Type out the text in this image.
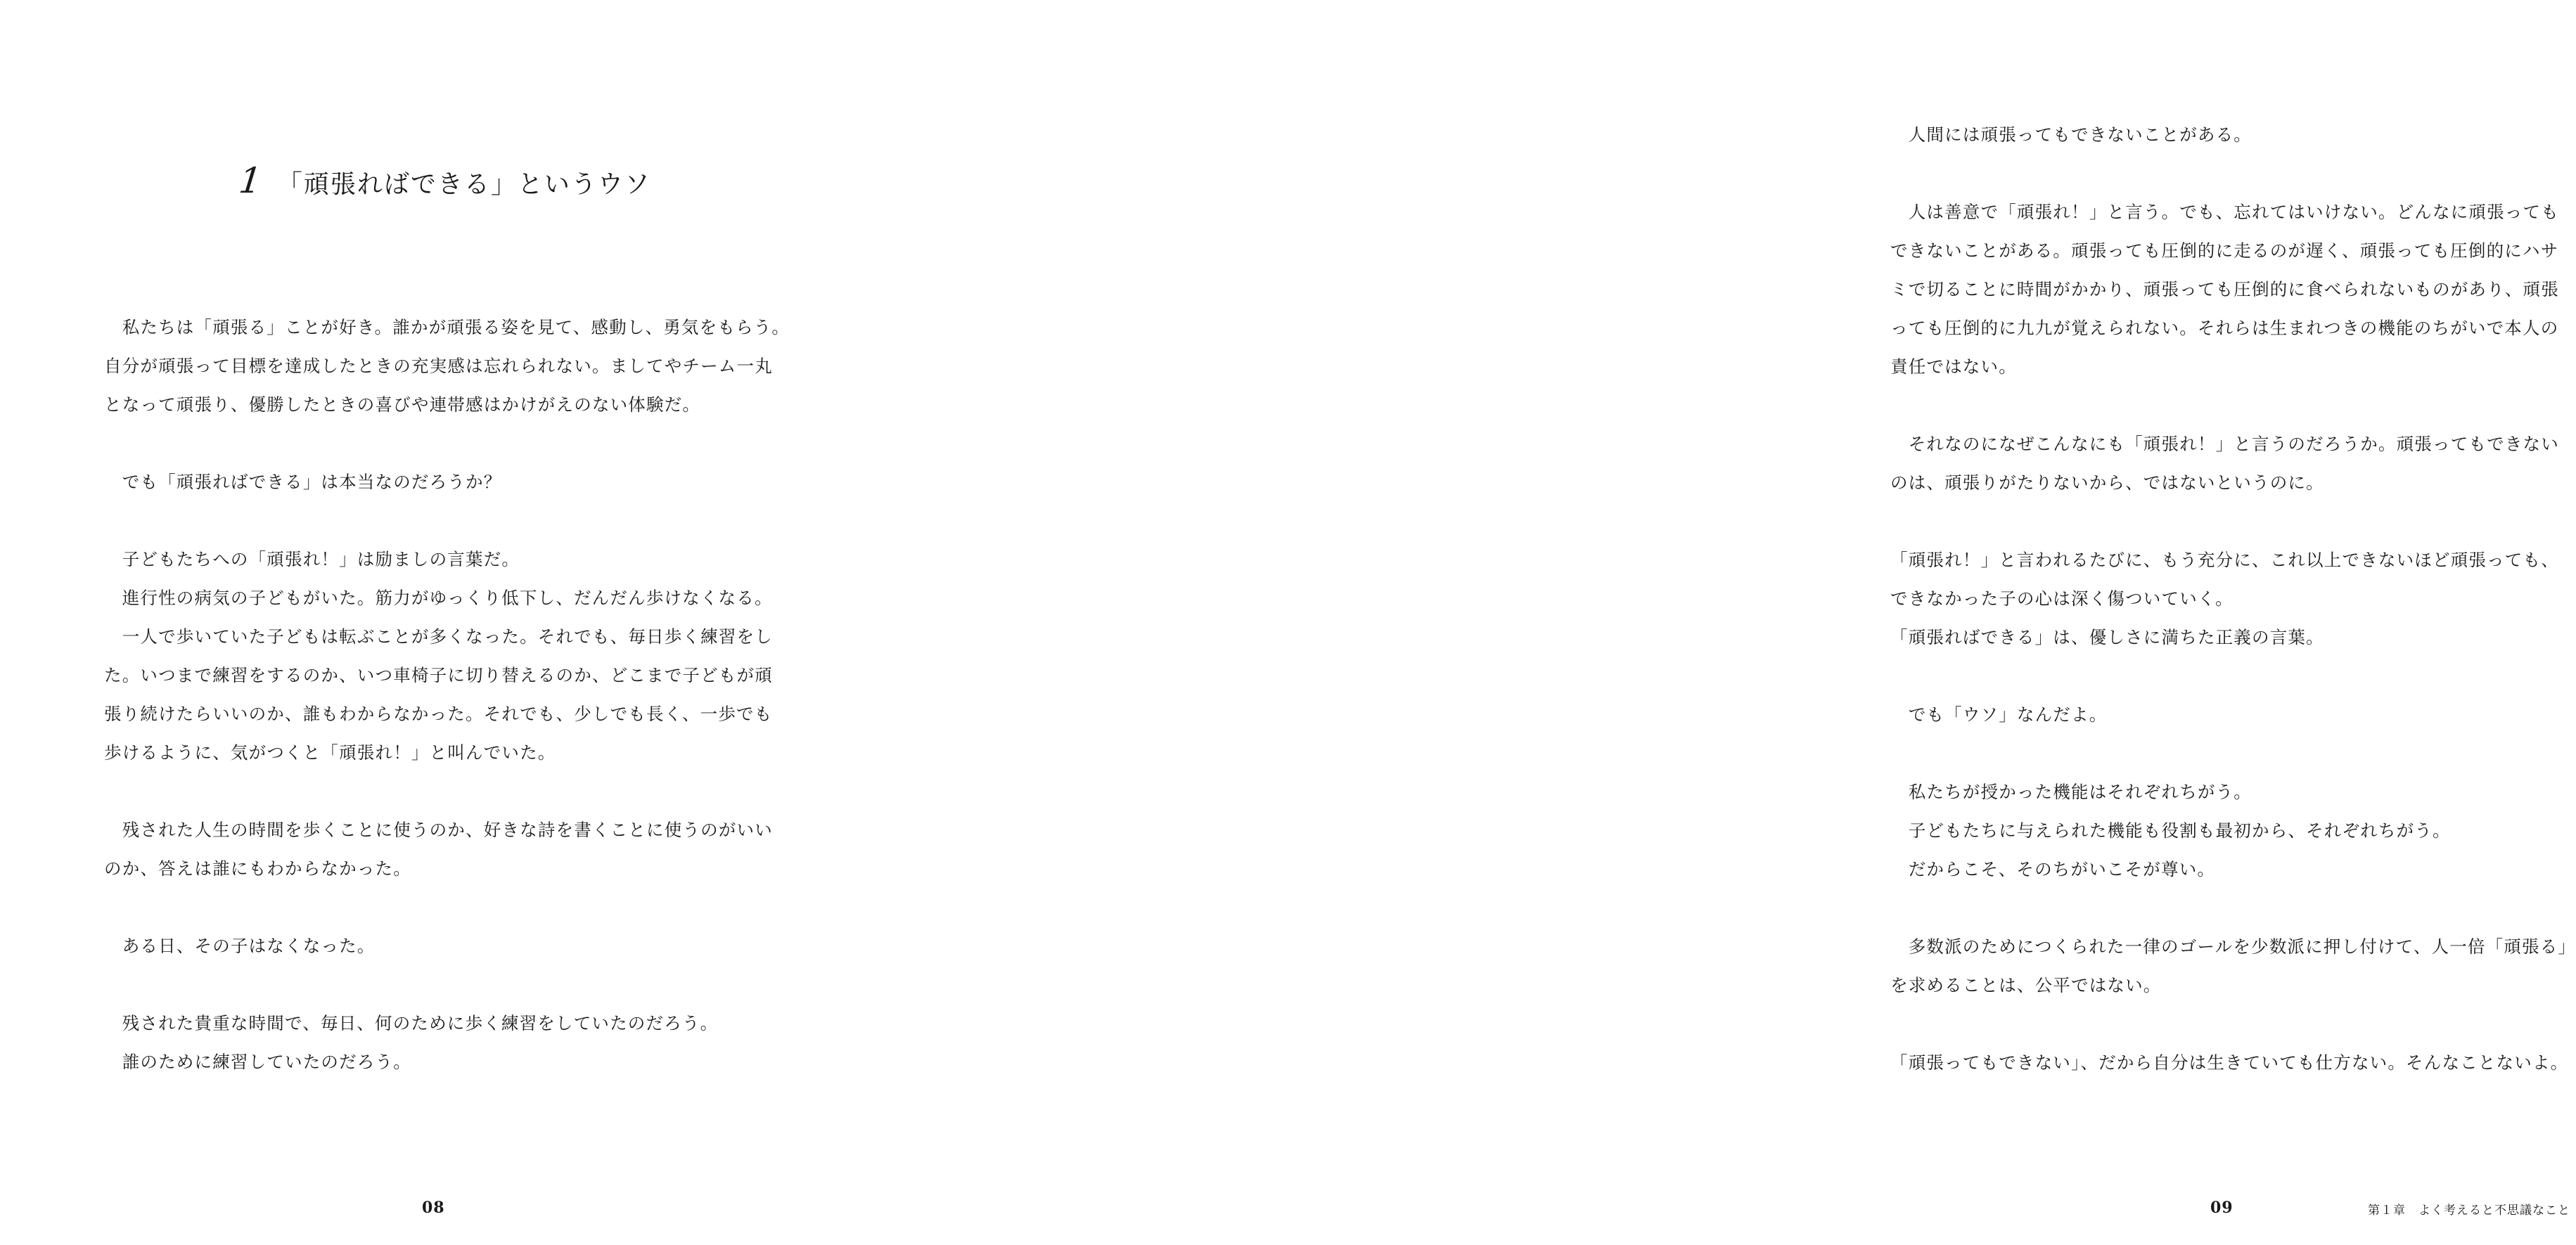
1 「頑張ればできる」というウソ
　私たちは「頑張る」ことが好き。誰かが頑張る姿を見て、感動し、勇気をもらう。
自分が頑張って目標を達成したときの充実感は忘れられない。ましてやチーム一丸
となって頑張り、優勝したときの喜びや連帯感はかけがえのない体験だ。
　でも「頑張ればできる」は本当なのだろうか？
　子どもたちへの「頑張れ！」は励ましの言葉だ。
　進行性の病気の子どもがいた。筋力がゆっくり低下し、だんだん歩けなくなる。
　一人で歩いていた子どもは転ぶことが多くなった。それでも、毎日歩く練習をし
た。いつまで練習をするのか、いつ車椅子に切り替えるのか、どこまで子どもが頑
張り続けたらいいのか、誰もわからなかった。それでも、少しでも長く、一歩でも
歩けるように、気がつくと「頑張れ！」と叫んでいた。
　残された人生の時間を歩くことに使うのか、好きな詩を書くことに使うのがいい
のか、答えは誰にもわからなかった。
　ある日、その子はなくなった。
　残された貴重な時間で、毎日、何のために歩く練習をしていたのだろう。
　誰のために練習していたのだろう。
08
　人間には頑張ってもできないことがある。
　人は善意で「頑張れ！」と言う。でも、忘れてはいけない。どんなに頑張っても
できないことがある。頑張っても圧倒的に走るのが遅く、頑張っても圧倒的にハサ
ミで切ることに時間がかかり、頑張っても圧倒的に食べられないものがあり、頑張
っても圧倒的に九九が覚えられない。それらは生まれつきの機能のちがいで本人の
責任ではない。
　それなのになぜこんなにも「頑張れ！」と言うのだろうか。頑張ってもできない
のは、頑張りがたりないから、ではないというのに。
「頑張れ！」と言われるたびに、もう充分に、これ以上できないほど頑張っても、
できなかった子の心は深く傷ついていく。
「頑張ればできる」は、優しさに満ちた正義の言葉。
　でも「ウソ」なんだよ。
　私たちが授かった機能はそれぞれちがう。
　子どもたちに与えられた機能も役割も最初から、それぞれちがう。
　だからこそ、そのちがいこそが尊い。
　多数派のためにつくられた一律のゴールを少数派に押し付けて、人一倍「頑張る」
を求めることは、公平ではない。
「頑張ってもできない」、だから自分は生きていても仕方ない。そんなことないよ。
09	第１章 よく考えると不思議なこと
